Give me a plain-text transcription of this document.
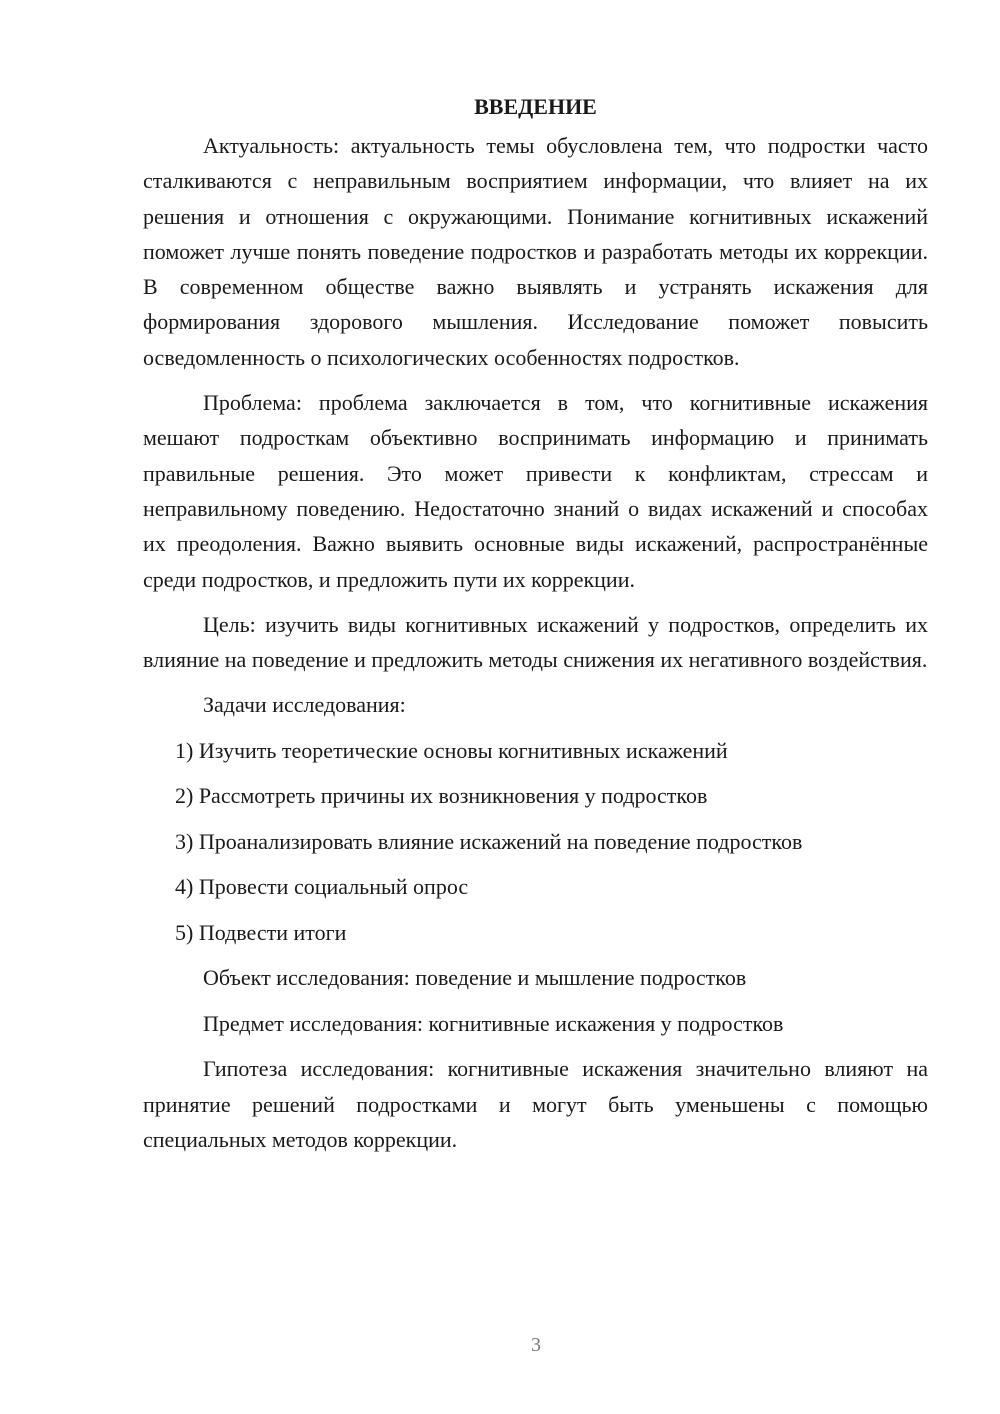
ВВЕДЕНИЕ

Актуальность: актуальность темы обусловлена тем, что подростки часто сталкиваются с неправильным восприятием информации, что влияет на их решения и отношения с окружающими. Понимание когнитивных искажений поможет лучше понять поведение подростков и разработать методы их коррекции. В современном обществе важно выявлять и устранять искажения для формирования здорового мышления. Исследование поможет повысить осведомленность о психологических особенностях подростков.

Проблема: проблема заключается в том, что когнитивные искажения мешают подросткам объективно воспринимать информацию и принимать правильные решения. Это может привести к конфликтам, стрессам и неправильному поведению. Недостаточно знаний о видах искажений и способах их преодоления. Важно выявить основные виды искажений, распространённые среди подростков, и предложить пути их коррекции.

Цель: изучить виды когнитивных искажений у подростков, определить их влияние на поведение и предложить методы снижения их негативного воздействия.

Задачи исследования:
1) Изучить теоретические основы когнитивных искажений
2) Рассмотреть причины их возникновения у подростков
3) Проанализировать влияние искажений на поведение подростков
4) Провести социальный опрос
5) Подвести итоги
Объект исследования: поведение и мышление подростков
Предмет исследования: когнитивные искажения у подростков

Гипотеза исследования: когнитивные искажения значительно влияют на принятие решений подростками и могут быть уменьшены с помощью специальных методов коррекции.

3
